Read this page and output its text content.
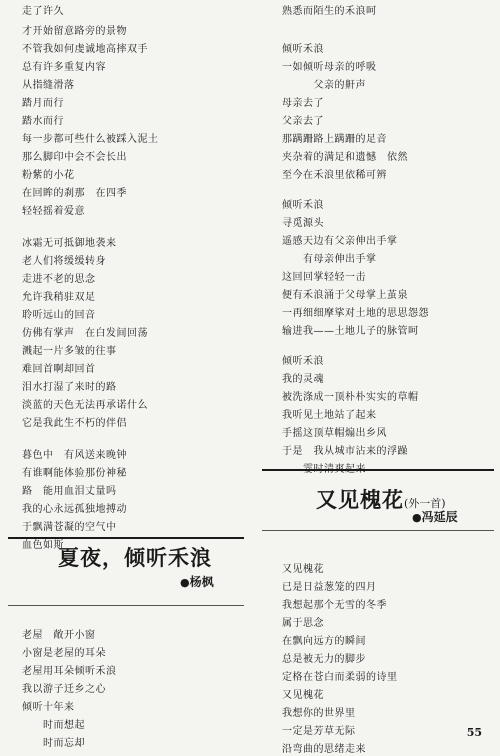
走了许久
才开始留意路旁的景物
不管我如何虔诚地高摔双手
总有许多重复内容
从指缝滑落
踏月而行
踏水而行
每一步都可些什么被踩入泥土
那么脚印中会不会长出
粉紫的小花
在回眸的刹那　在四季
轻轻摇着爱意
冰霜无可抵御地袭来
老人们将缓缓转身
走进不老的思念
允许我稍驻双足
聆听远山的回音
仿佛有掌声　在白发间回荡
溅起一片多皱的往事
难回首啊却回首
泪水打湿了来时的路
淡蓝的天色无法再承诺什么
它是我此生不朽的伴侣
暮色中　有风送来晚钟
有谁啊能体验那份神秘
路　能用血泪丈量吗
我的心永远孤独地搏动
于飘满苍凝的空气中
血色如斯
老屋　敞开小窗
小窗是老屋的耳朵
老屋用耳朵倾听禾浪
我以游子迁乡之心
倾听十年来
　　时而想起
　　时而忘却
熟悉而陌生的禾浪呵
倾听禾浪
一如倾听母亲的呼吸
　　　父亲的鼾声
母亲去了
父亲去了
那蹒跚路上蹒跚的足音
夹杂着的满足和遗憾　依然
至今在禾浪里依稀可辨
倾听禾浪
寻觅源头
遥感天边有父亲伸出手掌
　　有母亲伸出手掌
这回回掌轻轻一击
便有禾浪涌于父母掌上茧泉
一再细细摩挲对土地的思思怨怨
输进我——土地儿子的脉管呵
倾听禾浪
我的灵魂
被洗涤成一顶朴朴实实的草帽
我听见土地站了起来
手摇这顶草帽煽出乡风
于是　我从城市沾来的浮躁
又见槐花
已是日益葱笼的四月
我想起那个无雪的冬季
属于思念
在飘向远方的瞬间
总是被无力的脚步
定格在苍白而柔弱的诗里
又见槐花
我想你的世界里
一定是芳草无际
沿弯曲的思绪走来
夏夜，倾听禾浪
●杨枫
又见槐花(外一首)
●冯延辰
55
